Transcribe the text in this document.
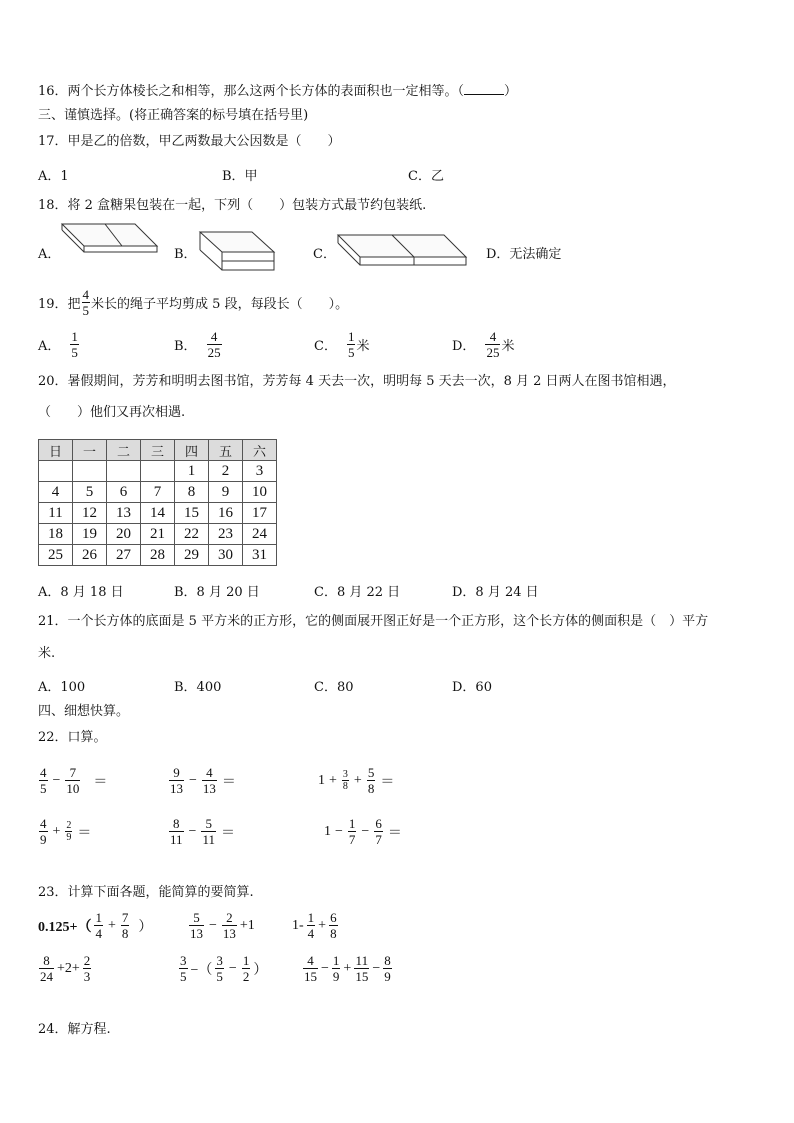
16．两个长方体棱长之和相等，那么这两个长方体的表面积也一定相等。（	）
三、谨慎选择。(将正确答案的标号填在括号里)
17．甲是乙的倍数，甲乙两数最大公因数是（　　）
A．1	B．甲	C．乙
18．将 2 盒糖果包装在一起，下列（　　）包装方式最节约包装纸.
A．	B．	C．	D．无法确定
19．把
4
5 米长的绳子平均剪成 5 段，每段长（　　）。
A．
1
5	B．
4
25	C．
1
5 米	D．
4
25 米
20．暑假期间，芳芳和明明去图书馆，芳芳每 4 天去一次，明明每 5 天去一次，8 月 2 日两人在图书馆相遇，
（　　）他们又再次相遇.
日	一	二	三	四	五	六
				1	2	3
4	5	6	7	8	9	10
11	12	13	14	15	16	17
18	19	20	21	22	23	24
25	26	27	28	29	30	31
A．8 月 18 日	B．8 月 20 日	C．8 月 22 日	D．8 月 24 日
21．一个长方体的底面是 5 平方米的正方形，它的侧面展开图正好是一个正方形，这个长方体的侧面积是（　）平方
米.
A．100	B．400	C．80	D．60
四、细想快算。
22．口算。
4
5
− $\frac{7}{10}$ ＝
9
13
− $\frac{4}{13}$ ＝	$1 + \frac{3}{8} + \frac{5}{8}$ ＝
4
9
+ $\frac{2}{9}$ ＝
8
11
− $\frac{5}{11}$ ＝	$1 - \frac{1}{7} - \frac{6}{7}$ ＝
23．计算下面各题，能简算的要简算.
0.125+（
1
4
+ $\frac{7}{8}$ ）
5
13
− $\frac{2}{13} +1$	1- 1
4
+ $\frac{6}{8}$
8
24
$+2+ \frac{2}{3}$	3
5 −（
3
5
− $\frac{1}{2}$ ）
4
15
− $\frac{1}{9} + \frac{11}{15} - \frac{8}{9}$
24．解方程.
